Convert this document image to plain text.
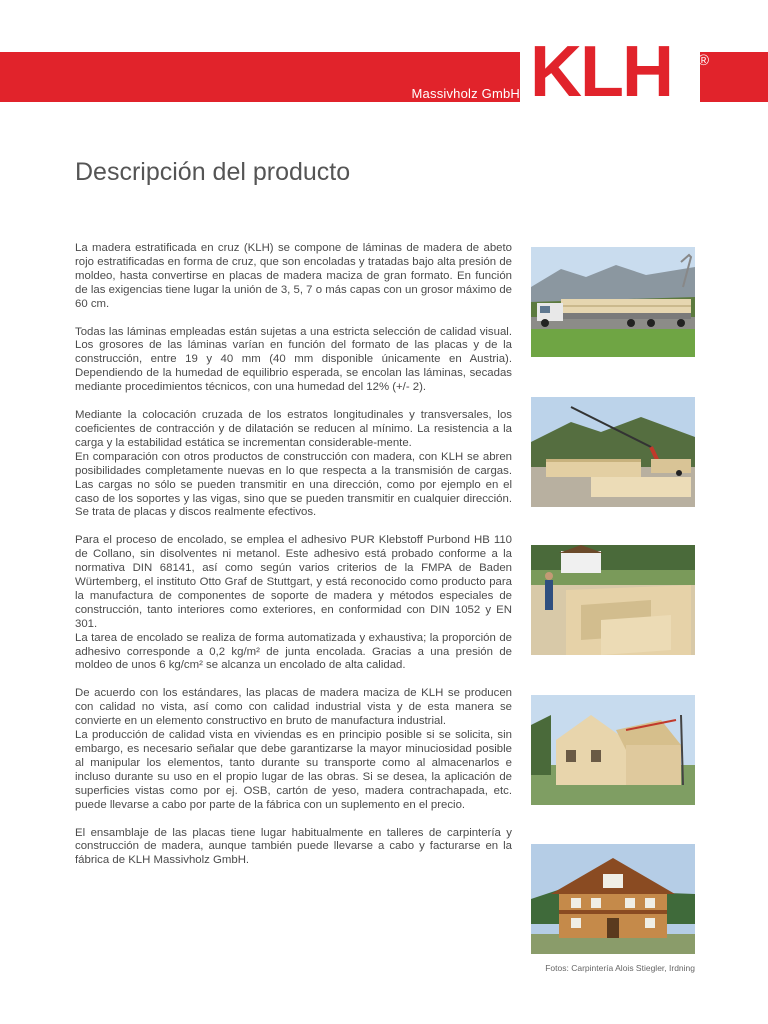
Massivholz GmbH KLH ®
Descripción del producto

La madera estratificada en cruz (KLH) se compone de láminas de madera de abeto rojo estratificadas en forma de cruz, que son encoladas y tratadas bajo alta presión de moldeo, hasta convertirse en placas de madera maciza de gran formato. En función de las exigencias tiene lugar la unión de 3, 5, 7 o más capas con un grosor máximo de 60 cm.

Todas las láminas empleadas están sujetas a una estricta selección de calidad visual. Los grosores de las láminas varían en función del formato de las placas y de la construcción, entre 19 y 40 mm (40 mm disponible únicamente en Austria). Dependiendo de la humedad de equilibrio esperada, se encolan las láminas, secadas mediante procedimientos técnicos, con una humedad del 12% (+/- 2).

Mediante la colocación cruzada de los estratos longitudinales y transversales, los coeficientes de contracción y de dilatación se reducen al mínimo. La resistencia a la carga y la estabilidad estática se incrementan considerable-mente.

En comparación con otros productos de construcción con madera, con KLH se abren posibilidades completamente nuevas en lo que respecta a la transmisión de cargas. Las cargas no sólo se pueden transmitir en una dirección, como por ejemplo en el caso de los soportes y las vigas, sino que se pueden transmitir en cualquier dirección. Se trata de placas y discos realmente efectivos.

Para el proceso de encolado, se emplea el adhesivo PUR Klebstoff Purbond HB 110 de Collano, sin disolventes ni metanol. Este adhesivo está probado conforme a la normativa DIN 68141, así como según varios criterios de la FMPA de Baden Würtemberg, el instituto Otto Graf de Stuttgart, y está reconocido como producto para la manufactura de componentes de soporte de madera y métodos especiales de construcción, tanto interiores como exteriores, en conformidad con DIN 1052 y EN 301.

La tarea de encolado se realiza de forma automatizada y exhaustiva; la proporción de adhesivo corresponde a 0,2 kg/m² de junta encolada. Gracias a una presión de moldeo de unos 6 kg/cm² se alcanza un encolado de alta calidad.

De acuerdo con los estándares, las placas de madera maciza de KLH se producen con calidad no vista, así como con calidad industrial vista y de esta manera se convierte en un elemento constructivo en bruto de manufactura industrial.

La producción de calidad vista en viviendas es en principio posible si se solicita, sin embargo, es necesario señalar que debe garantizarse la mayor minuciosidad posible al manipular los elementos, tanto durante su transporte como al almacenarlos e incluso durante su uso en el propio lugar de las obras. Si se desea, la aplicación de superficies vistas como por ej. OSB, cartón de yeso, madera contrachapada, etc. puede llevarse a cabo por parte de la fábrica con un suplemento en el precio.

El ensamblaje de las placas tiene lugar habitualmente en talleres de carpintería y construcción de madera, aunque también puede llevarse a cabo y facturarse en la fábrica de KLH Massivholz GmbH.

Fotos: Carpintería Alois Stiegler, Irdning
